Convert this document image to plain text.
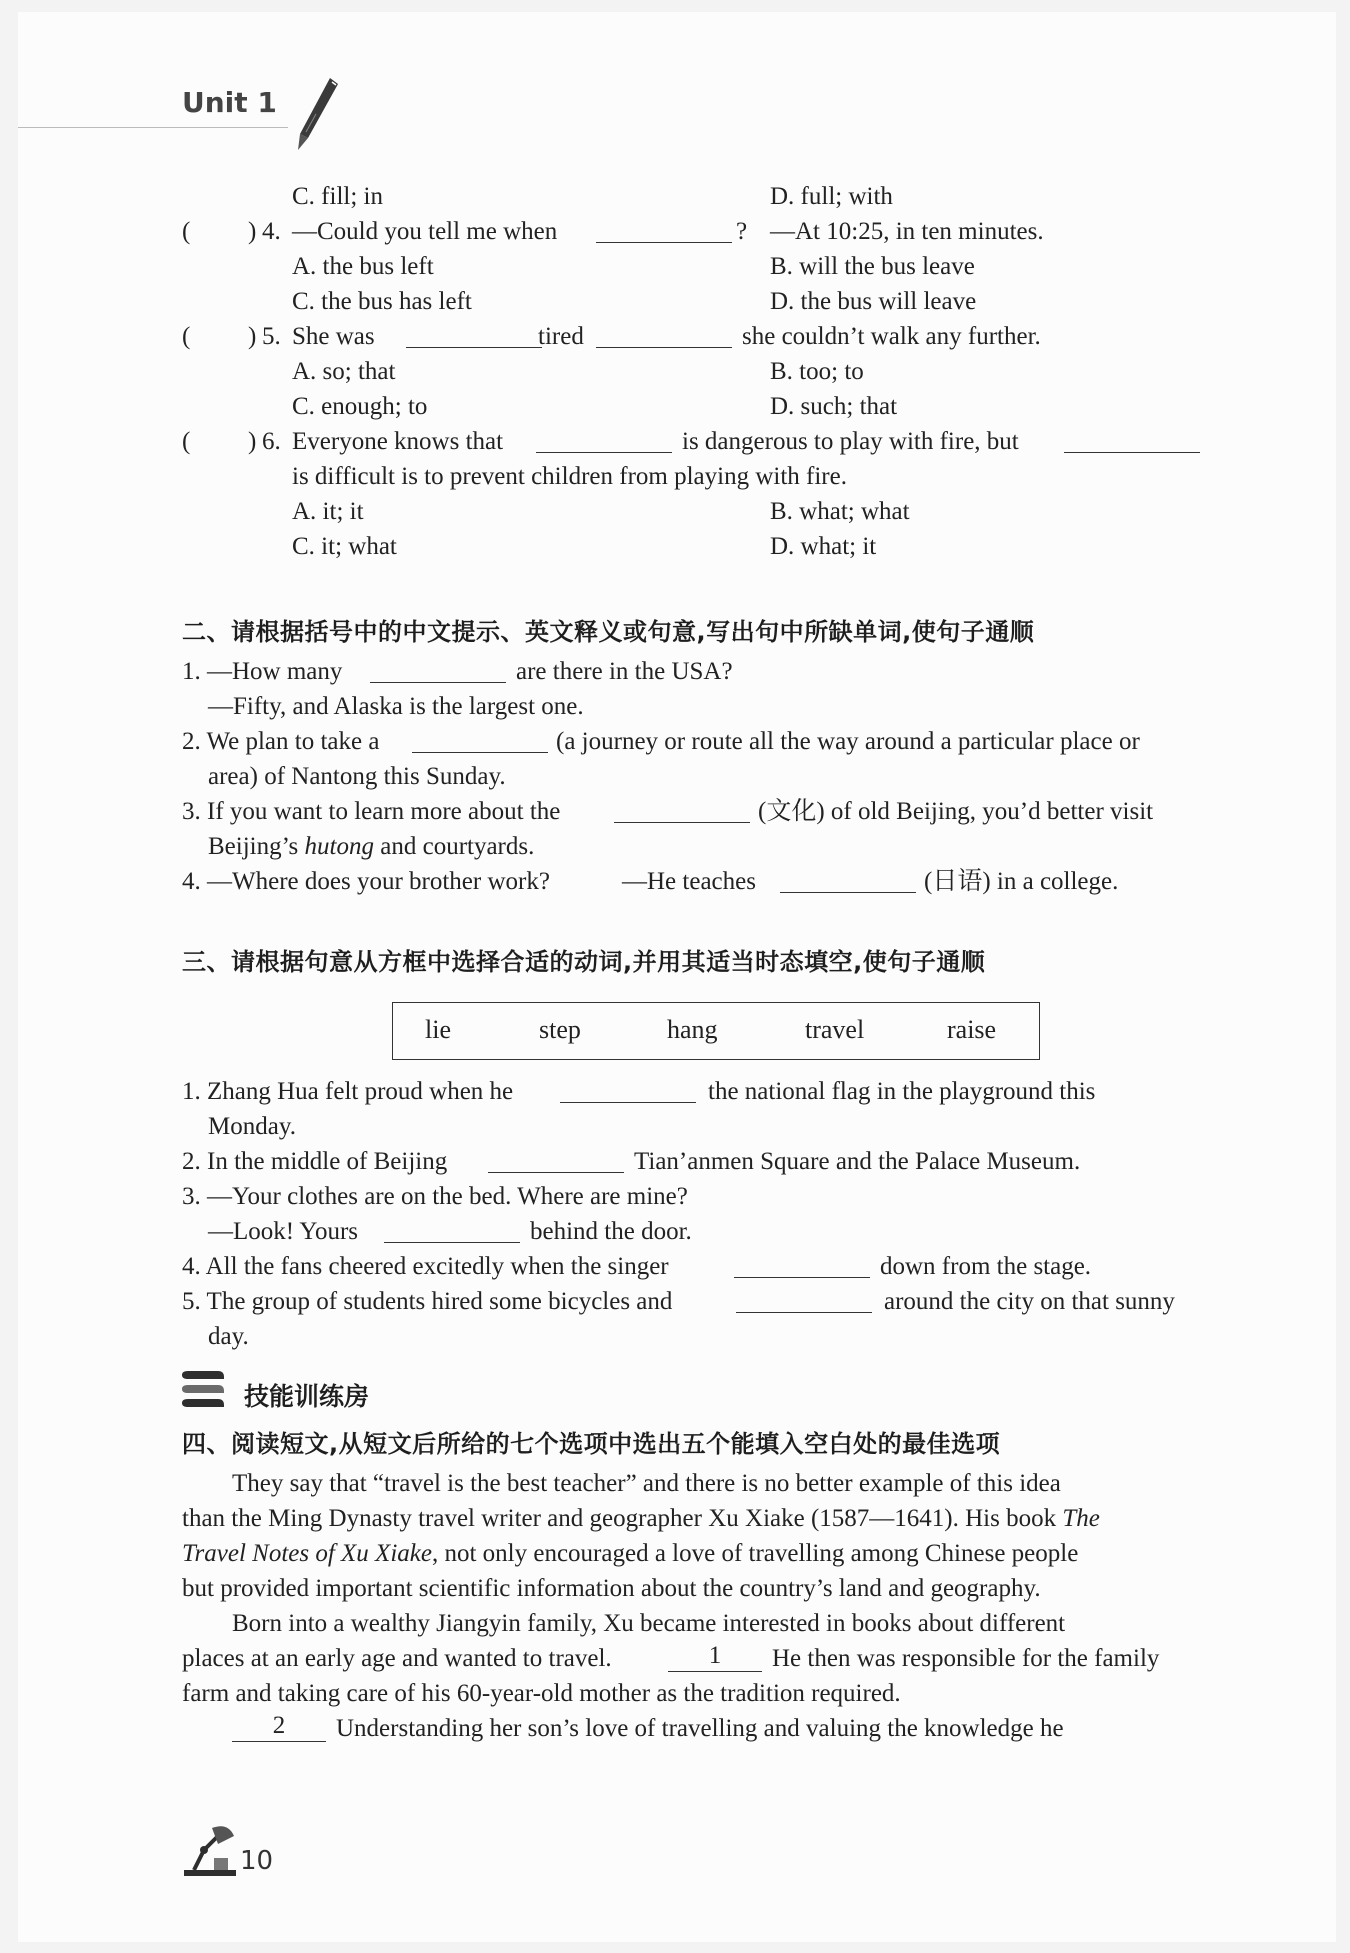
Unit 1
C. fill; in	D. full; with
( ) 4. —Could you tell me when	? —At 10:25, in ten minutes.
A. the bus left	B. will the bus leave
C. the bus has left	D. the bus will leave
( ) 5. She was	tired	she couldn’t walk any further.
A. so; that	B. too; to
C. enough; to	D. such; that
( ) 6. Everyone knows that	is dangerous to play with fire, but
is difficult is to prevent children from playing with fire.
A. it; it	B. what; what
C. it; what	D. what; it
二、请根据括号中的中文提示、英文释义或句意,写出句中所缺单词,使句子通顺
1. —How many	are there in the USA?
—Fifty, and Alaska is the largest one.
2. We plan to take a	(a journey or route all the way around a particular place or
area) of Nantong this Sunday.
3. If you want to learn more about the	(文化) of old Beijing, you’d better visit
Beijing’s hutong and courtyards.
4. —Where does your brother work?	—He teaches	(日语) in a college.
三、请根据句意从方框中选择合适的动词,并用其适当时态填空,使句子通顺
lie	step	hang	travel	raise
1. Zhang Hua felt proud when he	the national flag in the playground this
Monday.
2. In the middle of Beijing	Tian’anmen Square and the Palace Museum.
3. —Your clothes are on the bed. Where are mine?
—Look! Yours	behind the door.
4. All the fans cheered excitedly when the singer	down from the stage.
5. The group of students hired some bicycles and	around the city on that sunny
day.
技能训练房
四、阅读短文,从短文后所给的七个选项中选出五个能填入空白处的最佳选项
They say that “travel is the best teacher” and there is no better example of this idea
than the Ming Dynasty travel writer and geographer Xu Xiake (1587—1641). His book The
Travel Notes of Xu Xiake, not only encouraged a love of travelling among Chinese people
but provided important scientific information about the country’s land and geography.
Born into a wealthy Jiangyin family, Xu became interested in books about different
places at an early age and wanted to travel.	1	He then was responsible for the family
farm and taking care of his 60-year-old mother as the tradition required.
2	Understanding her son’s love of travelling and valuing the knowledge he
10
